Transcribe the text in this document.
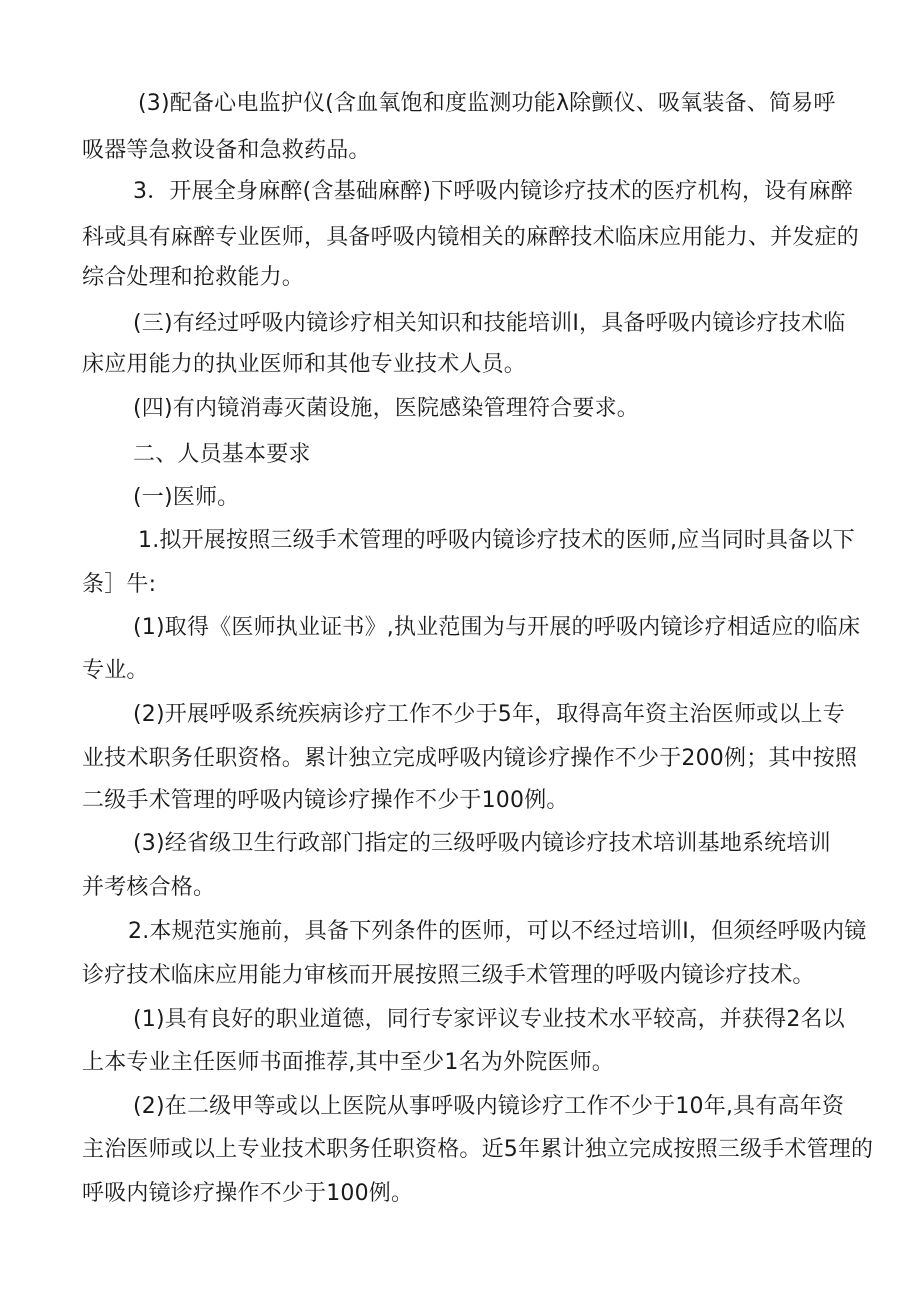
(3)配备心电监护仪(含血氧饱和度监测功能λ除颤仪、吸氧装备、简易呼
吸器等急救设备和急救药品。
3．开展全身麻醉(含基础麻醉)下呼吸内镜诊疗技术的医疗机构，设有麻醉
科或具有麻醉专业医师，具备呼吸内镜相关的麻醉技术临床应用能力、并发症的
综合处理和抢救能力。
(三)有经过呼吸内镜诊疗相关知识和技能培训I，具备呼吸内镜诊疗技术临
床应用能力的执业医师和其他专业技术人员。
(四)有内镜消毒灭菌设施，医院感染管理符合要求。
二、人员基本要求
(一)医师。
1.拟开展按照三级手术管理的呼吸内镜诊疗技术的医师,应当同时具备以下
条］牛:
(1)取得《医师执业证书》,执业范围为与开展的呼吸内镜诊疗相适应的临床
专业。
(2)开展呼吸系统疾病诊疗工作不少于5年，取得高年资主治医师或以上专
业技术职务任职资格。累计独立完成呼吸内镜诊疗操作不少于200例；其中按照
二级手术管理的呼吸内镜诊疗操作不少于100例。
(3)经省级卫生行政部门指定的三级呼吸内镜诊疗技术培训基地系统培训
并考核合格。
2.本规范实施前，具备下列条件的医师，可以不经过培训I，但须经呼吸内镜
诊疗技术临床应用能力审核而开展按照三级手术管理的呼吸内镜诊疗技术。
(1)具有良好的职业道德，同行专家评议专业技术水平较高，并获得2名以
上本专业主任医师书面推荐,其中至少1名为外院医师。
(2)在二级甲等或以上医院从事呼吸内镜诊疗工作不少于10年,具有高年资
主治医师或以上专业技术职务任职资格。近5年累计独立完成按照三级手术管理的
呼吸内镜诊疗操作不少于100例。
